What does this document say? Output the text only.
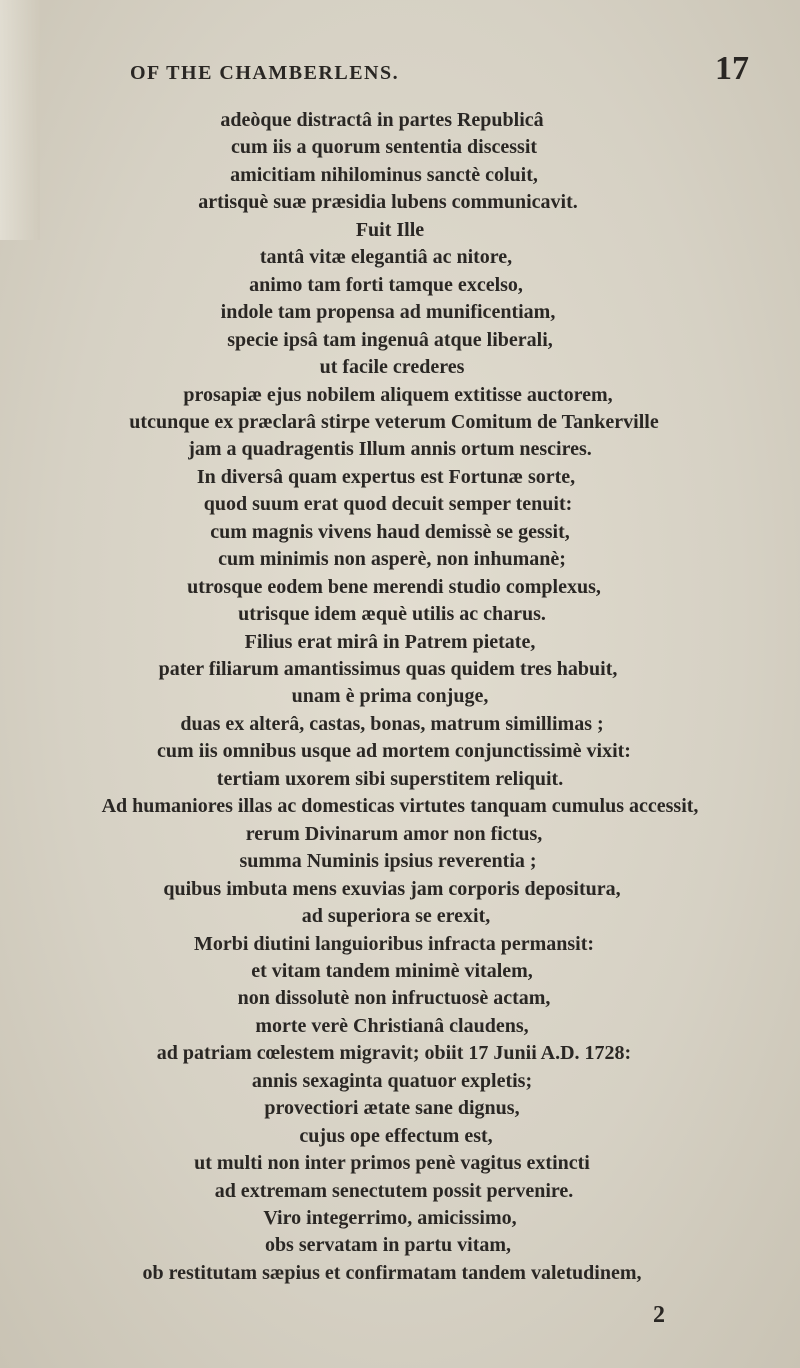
OF THE CHAMBERLENS.	17
adeòque distractâ in partes Republicâ
cum iis a quorum sententia discessit
amicitiam nihilominus sanctè coluit,
artisquè suæ præsidia lubens communicavit.
Fuit Ille
tantâ vitæ elegantiâ ac nitore,
animo tam forti tamque excelso,
indole tam propensa ad munificentiam,
specie ipsâ tam ingenuâ atque liberali,
ut facile crederes
prosapiæ ejus nobilem aliquem extitisse auctorem,
utcunque ex præclarâ stirpe veterum Comitum de Tankerville
jam a quadragentis Illum annis ortum nescires.
In diversâ quam expertus est Fortunæ sorte,
quod suum erat quod decuit semper tenuit:
cum magnis vivens haud demissè se gessit,
cum minimis non asperè, non inhumanè;
utrosque eodem bene merendi studio complexus,
utrisque idem æquè utilis ac charus.
Filius erat mirâ in Patrem pietate,
pater filiarum amantissimus quas quidem tres habuit,
unam è prima conjuge,
duas ex alterâ, castas, bonas, matrum simillimas ;
cum iis omnibus usque ad mortem conjunctissimè vixit:
tertiam uxorem sibi superstitem reliquit.
Ad humaniores illas ac domesticas virtutes tanquam cumulus accessit,
rerum Divinarum amor non fictus,
summa Numinis ipsius reverentia ;
quibus imbuta mens exuvias jam corporis depositura,
ad superiora se erexit,
Morbi diutini languioribus infracta permansit:
et vitam tandem minimè vitalem,
non dissolutè non infructuosè actam,
morte verè Christianâ claudens,
ad patriam cœlestem migravit; obiit 17 Junii A.D. 1728:
annis sexaginta quatuor expletis;
provectiori ætate sane dignus,
cujus ope effectum est,
ut multi non inter primos penè vagitus extincti
ad extremam senectutem possit pervenire.
Viro integerrimo, amicissimo,
obs servatam in partu vitam,
ob restitutam sæpius et confirmatam tandem valetudinem,
2
